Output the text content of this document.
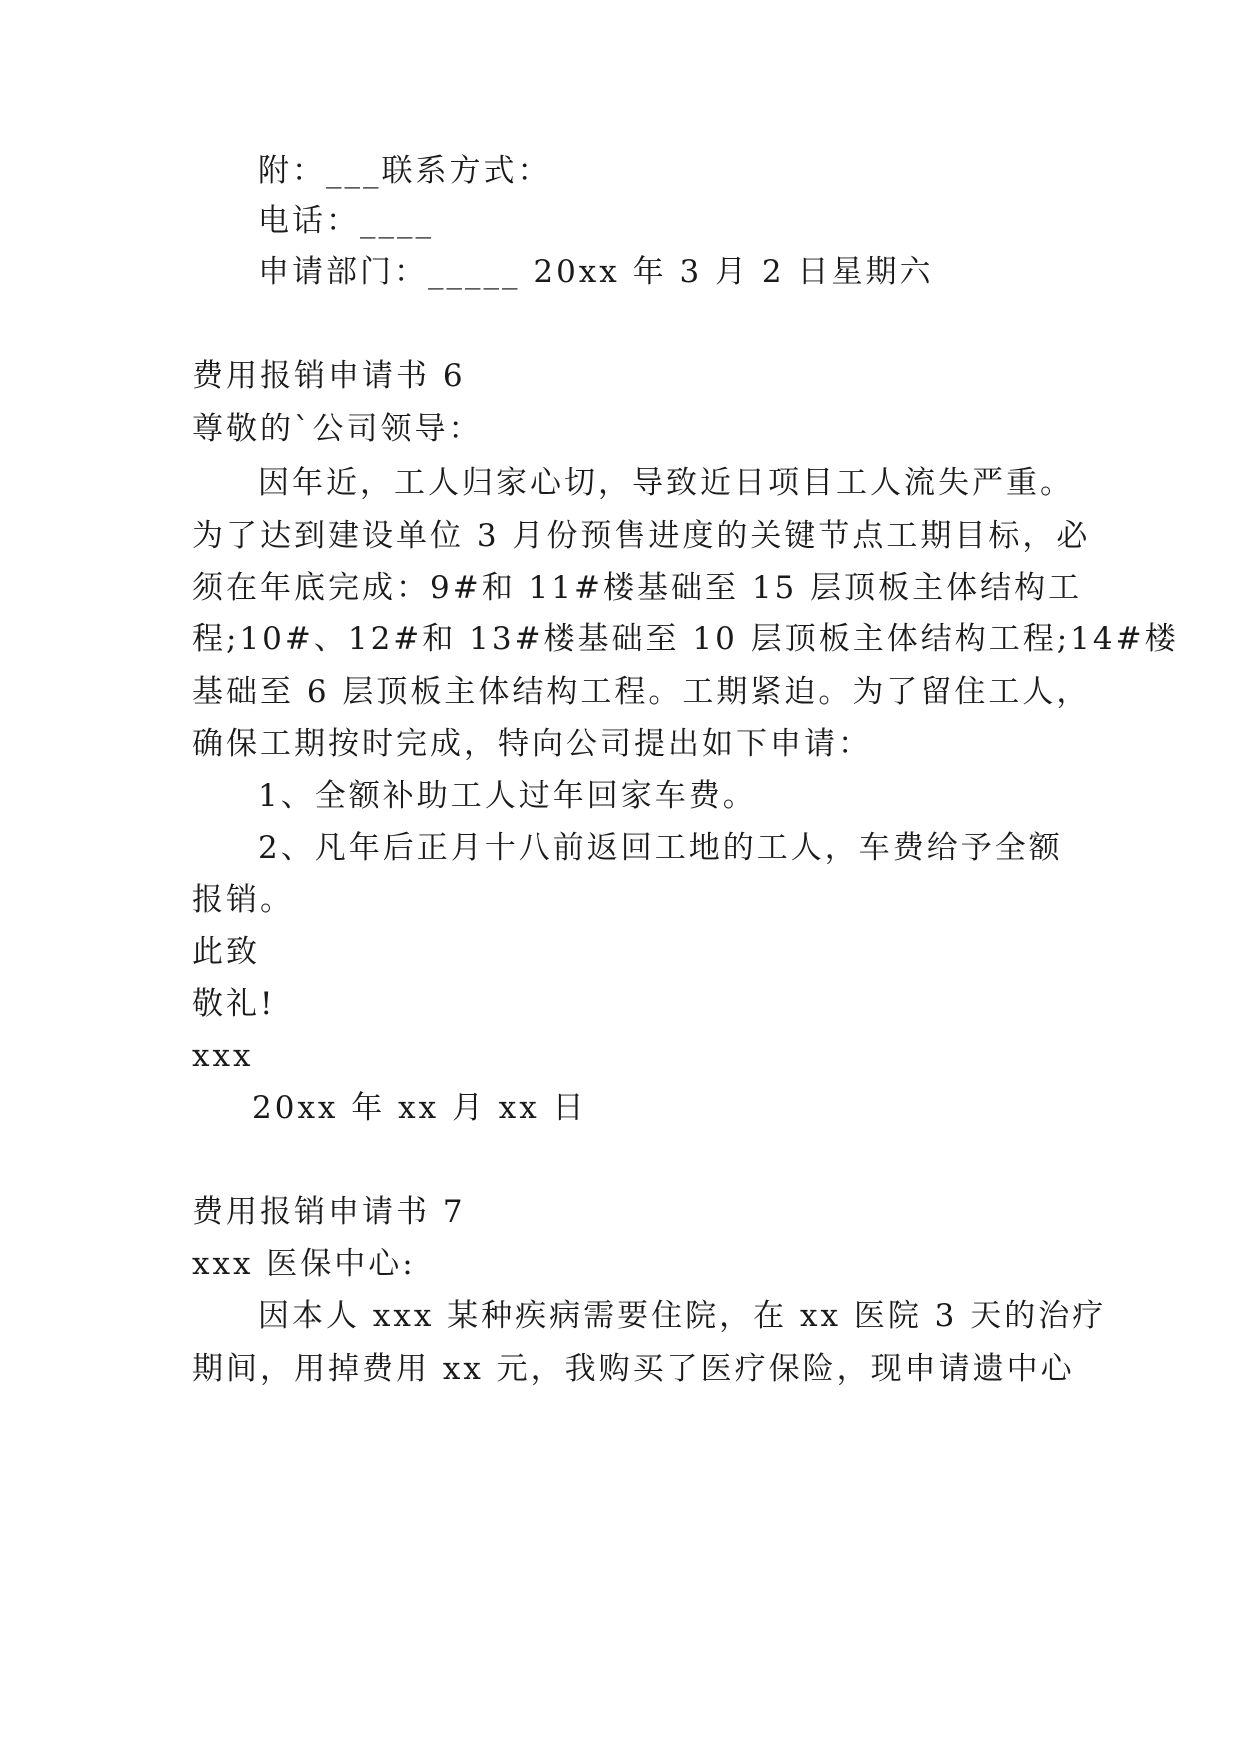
附：___联系方式：

电话：____

申请部门：_____ 20xx 年 3 月 2 日星期六

费用报销申请书 6

尊敬的`公司领导：

因年近，工人归家心切，导致近日项目工人流失严重。

为了达到建设单位 3 月份预售进度的关键节点工期目标，必

须在年底完成：9#和 11#楼基础至 15 层顶板主体结构工

程;10#、12#和 13#楼基础至 10 层顶板主体结构工程;14#楼

基础至 6 层顶板主体结构工程。工期紧迫。为了留住工人，

确保工期按时完成，特向公司提出如下申请：

1、全额补助工人过年回家车费。

2、凡年后正月十八前返回工地的工人，车费给予全额

报销。

此致

敬礼!

xxx

20xx 年 xx 月 xx 日

费用报销申请书 7

xxx 医保中心:

因本人 xxx 某种疾病需要住院，在 xx 医院 3 天的治疗

期间，用掉费用 xx 元，我购买了医疗保险，现申请遗中心
